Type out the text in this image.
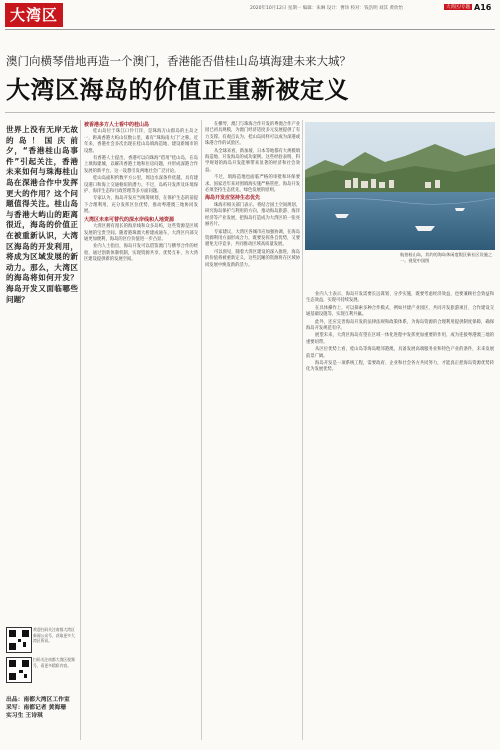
大湾区	2020年10月12日 星期一 编辑：朱琳 设计：曹珍 校对：钱浩明 刘其 黄欣怡	大湾区/专题 A16
澳门向横琴借地再造一个澳门，香港能否借桂山岛填海建未来大城？
大湾区海岛的价值正重新被定义
世界上没有无岸无故的岛！国庆前夕，“香港桂山岛事件”引起关注，香港未来如何与珠海桂山岛在深港合作中发挥更大的作用？这个问题值得关注。桂山岛与香港大屿山的距离很近，海岛的价值正在被重新认识，大湾区海岛的开发利用，将成为区域发展的新动力。那么，大湾区的海岛将如何开发？海岛开发又面临哪些问题？

被香港多方人士看中的桂山岛

桂山岛位于珠江口伶仃洋，是珠海万山群岛的主岛之一，距离香港大屿山仅数公里，素有“珠海南大门”之称。近年来，香港社会多次出现在桂山岛填海造地、建设新城市的设想。

有香港人士提出，香港可以向珠海“借用”桂山岛，在岛上填海建城，以解决香港土地和住房问题，并形成深港合作发展的新平台。这一设想引发两地社会广泛讨论。

桂山岛面积约数平方公里，周边水深条件优越，具有建设港口和海上交通枢纽的潜力。不过，岛屿开发涉及环境保护、海洋生态和行政管理等多方面问题。

专家认为，海岛开发应当统筹规划，在保护生态的前提下合理利用，充分发挥区位优势，推动粤港澳三地协同发展。

大湾区未来可替代的深水岸线和人地资源

大湾区拥有漫长的海岸线和众多岛屿，这些资源是区域发展的宝贵空间。随着港珠澳大桥建成通车，大湾区内部交通更加便利，海岛的区位价值进一步凸显。

业内人士指出，海岛开发可以借鉴澳门与横琴合作的经验，通过创新体制机制，实现资源共享、优势互补，为大湾区建设提供新的发展空间。

在横琴，澳门与珠海合作开发的粤澳合作产业园已初具规模，为澳门经济适度多元发展提供了有力支撑。有观点认为，桂山岛同样可以成为深港或珠港合作的试验区。

从全球来看，新加坡、日本等地都有大规模填海造地、开发海岛的成功案例。这些经验表明，科学规划的海岛开发能够带来显著的经济和社会效益。

不过，填海造地也面临严格的审批和环保要求。国家近年来对围填海实施严格管控，海岛开发必须坚持生态优先、绿色发展的原则。

海岛开发应坚持生态优先

珠海市相关部门表示，将结合国土空间规划，研究海岛保护与利用的方向，推动海岛旅游、海洋经济等产业发展，把海岛打造成为大湾区的一张亮丽名片。

专家建议，大湾区各城市应加强协调，在海岛资源利用方面形成合力，既要发挥各自优势，又要避免无序竞争，共同推动区域高质量发展。

可以预见，随着大湾区建设的深入推进，海岛的价值将被重新定义，这些沉睡的资源将在区域协同发展中焕发新的活力。

业内人士表示，海岛开发需要长远谋划、分步实施，既要考虑经济效益，也要兼顾社会效益和生态效益，实现可持续发展。

在具体操作上，可以探索多种合作模式，例如共建产业园区、共同开发旅游项目、合作建设交通基础设施等，实现互利共赢。

此外，还应完善海岛开发的法律法规和政策体系，为海岛资源的合理利用提供制度保障，确保海岛开发规范有序。

展望未来，大湾区海岛有望在区域一体化进程中发挥更加重要的作用，成为连接粤港澳三地的重要纽带。

从区位优势上看，桂山岛等海岛毗邻港澳，具备发展高端服务业和特色产业的条件，未来发展前景广阔。

海岛开发是一项系统工程，需要政府、企业和社会各方共同努力，才能真正把海岛资源优势转化为发展优势。

航拍桂山岛，其约的海岛休闲度假区新社区设施之一。视觉中国图
欢迎扫码关注南都大湾区新闻公众号，获取更多大湾区资讯。
扫码关注南都大湾区视频号，看更多精彩内容。
出品：南都大湾区工作室
采写：南都记者 黄海珊
实习生 王诗琪
